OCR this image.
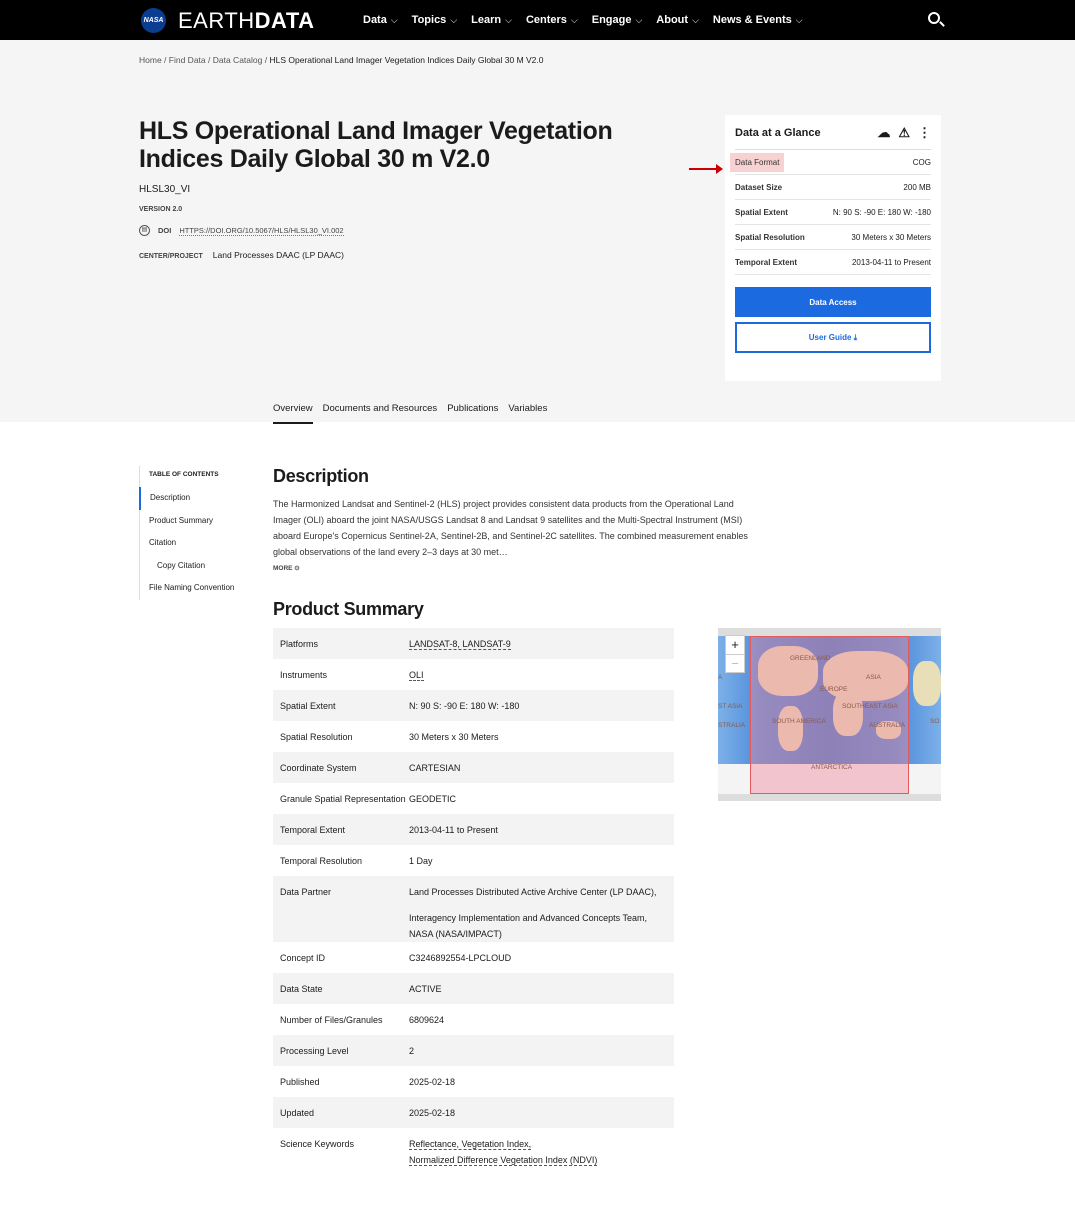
NASA EARTHDATA	Data ⌵ Topics ⌵ Learn ⌵ Centers ⌵ Engage ⌵ About ⌵ News & Events ⌵
Home / Find Data / Data Catalog / HLS Operational Land Imager Vegetation Indices Daily Global 30 M V2.0
HLS Operational Land Imager Vegetation Indices Daily Global 30 m V2.0
HLSL30_VI
VERSION 2.0
▤	DOI HTTPS://DOI.ORG/10.5067/HLS/HLSL30_VI.002
CENTER/PROJECT Land Processes DAAC (LP DAAC)
Data at a Glance	☁ ⚠ ⋮
Data Format	COG
Dataset Size	200 MB
Spatial Extent	N: 90 S: -90 E: 180 W: -180
Spatial Resolution	30 Meters x 30 Meters
Temporal Extent	2013-04-11 to Present
Data Access
User Guide ⤓
Overview Documents and Resources Publications Variables
TABLE OF CONTENTS
Description
Product Summary
Citation
Copy Citation
File Naming Convention
Description
The Harmonized Landsat and Sentinel-2 (HLS) project provides consistent data products from the Operational Land Imager (OLI) aboard the joint NASA/USGS Landsat 8 and Landsat 9 satellites and the Multi-Spectral Instrument (MSI) aboard Europe's Copernicus Sentinel-2A, Sentinel-2B, and Sentinel-2C satellites. The combined measurement enables global observations of the land every 2–3 days at 30 met…
MORE ⊙
Product Summary
Platforms	LANDSAT-8, LANDSAT-9
Instruments	OLI
Spatial Extent	N: 90 S: -90 E: 180 W: -180
Spatial Resolution	30 Meters x 30 Meters
Coordinate System	CARTESIAN
Granule Spatial Representation GEODETIC
Temporal Extent	2013-04-11 to Present
Temporal Resolution	1 Day
Data Partner	Land Processes Distributed Active Archive Center (LP DAAC),
Interagency Implementation and Advanced Concepts Team, NASA (NASA/IMPACT)
Concept ID	C3246892554-LPCLOUD
Data State	ACTIVE
Number of Files/Granules	6809624
Processing Level	2
Published	2025-02-18
Updated	2025-02-18
Science Keywords	Reflectance, Vegetation Index,
Normalized Difference Vegetation Index (NDVI)
GREENLAND
ASIA
EUROPE
SOUTHEAST ASIA
SOUTH AMERICA
AUSTRALIA
ANTARCTICA
ST ASIA
STRALIA
A
SO
+
−
